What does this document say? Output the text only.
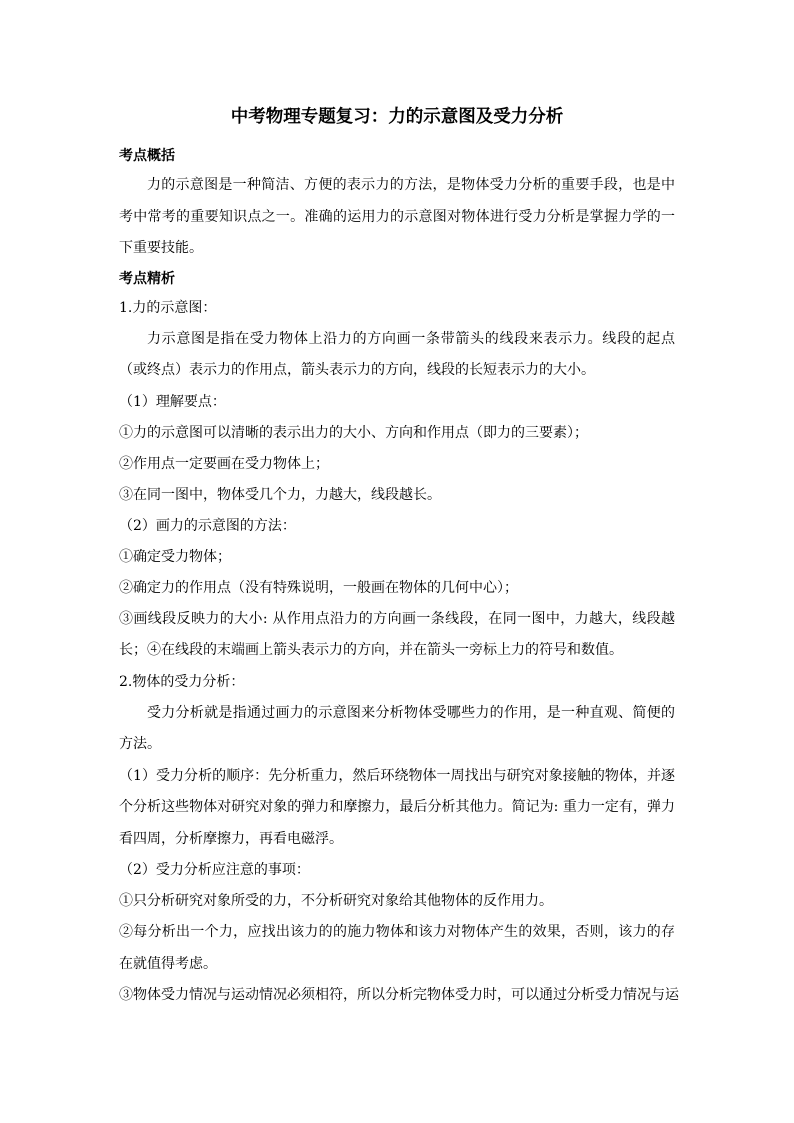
中考物理专题复习：力的示意图及受力分析
考点概括

力的示意图是一种简洁、方便的表示力的方法，是物体受力分析的重要手段，也是中考中常考的重要知识点之一。准确的运用力的示意图对物体进行受力分析是掌握力学的一下重要技能。

考点精析
1.力的示意图：

力示意图是指在受力物体上沿力的方向画一条带箭头的线段来表示力。线段的起点（或终点）表示力的作用点，箭头表示力的方向，线段的长短表示力的大小。

（1）理解要点：
①力的示意图可以清晰的表示出力的大小、方向和作用点（即力的三要素）；
②作用点一定要画在受力物体上；
③在同一图中，物体受几个力，力越大，线段越长。
（2）画力的示意图的方法：
①确定受力物体；
②确定力的作用点（没有特殊说明，一般画在物体的几何中心）；

③画线段反映力的大小: 从作用点沿力的方向画一条线段，在同一图中，力越大，线段越长；④在线段的末端画上箭头表示力的方向，并在箭头一旁标上力的符号和数值。

2.物体的受力分析：

受力分析就是指通过画力的示意图来分析物体受哪些力的作用，是一种直观、简便的方法。

（1）受力分析的顺序：先分析重力，然后环绕物体一周找出与研究对象接触的物体，并逐个分析这些物体对研究对象的弹力和摩擦力，最后分析其他力。简记为: 重力一定有，弹力看四周，分析摩擦力，再看电磁浮。

（2）受力分析应注意的事项：
①只分析研究对象所受的力，不分析研究对象给其他物体的反作用力。

②每分析出一个力，应找出该力的的施力物体和该力对物体产生的效果，否则，该力的存在就值得考虑。

③物体受力情况与运动情况必须相符，所以分析完物体受力时，可以通过分析受力情况与运
